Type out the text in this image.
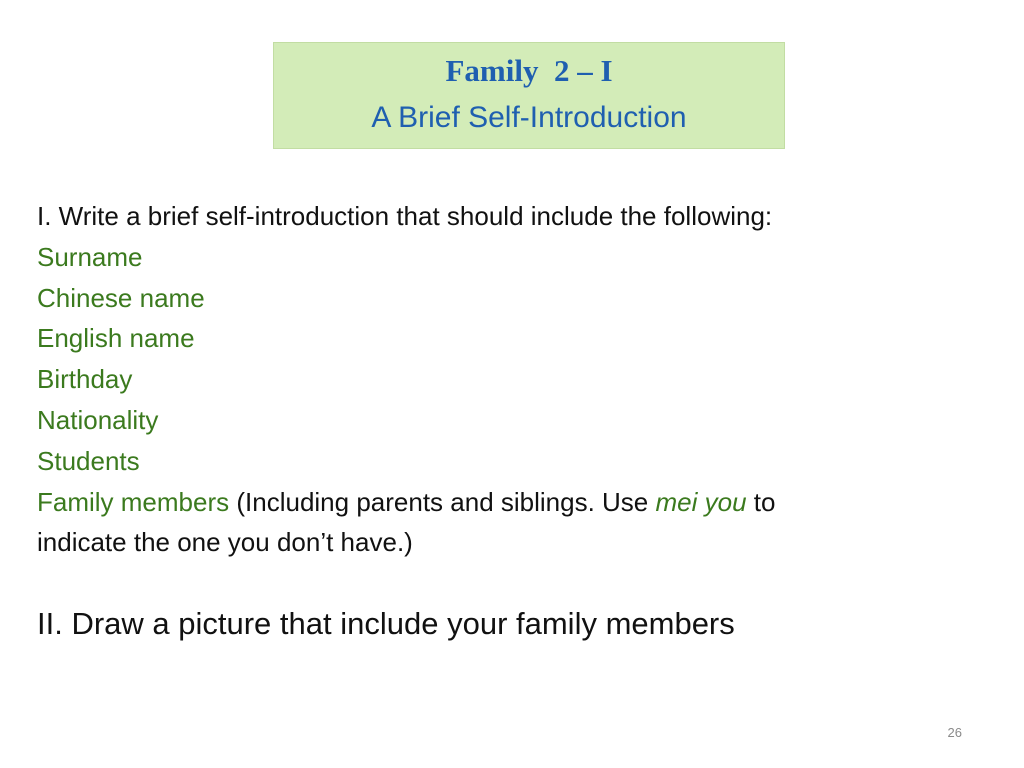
Family  2 – I
A Brief Self-Introduction

I. Write a brief self-introduction that should include the following:

Surname

Chinese name

English name

Birthday

Nationality

Students

Family members (Including parents and siblings. Use mei you to

indicate the one you don’t have.)

II. Draw a picture that include your family members
26
